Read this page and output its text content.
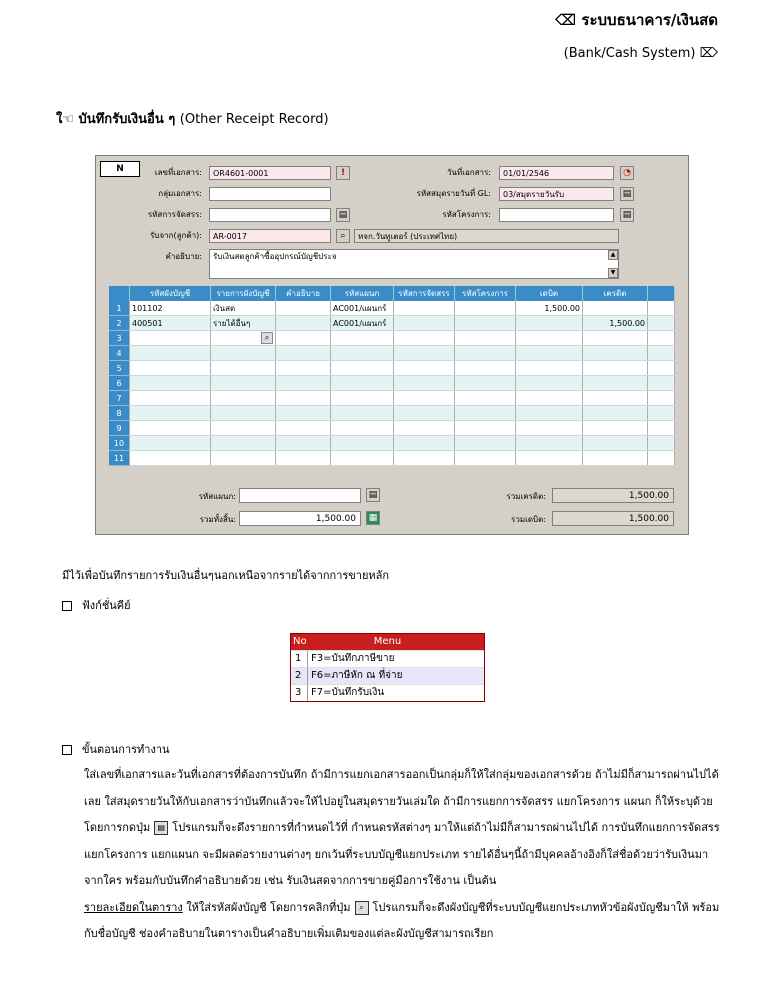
⌫ ระบบธนาคาร/เงินสด
(Bank/Cash System) ⌦
ใ☜ บันทึกรับเงินอื่น ๆ (Other Receipt Record)
N	เลขที่เอกสาร:	OR4601-0001	!
กลุ่มเอกสาร:
รหัสการจัดสรร:	▤
รับจาก(ลูกค้า):	AR-0017	⌕	หจก.วันทูเตอร์ (ประเทศไทย)
คำอธิบาย:	รับเงินสดลูกค้าซื้ออุปกรณ์บัญชีประจ	▲
▼
วันที่เอกสาร:	01/01/2546	◔
รหัสสมุดรายวันที่ GL:	03/สมุดรายวันรับ	▤
รหัสโครงการ:	▤
	รหัสผังบัญชี	รายการผังบัญชี	คำอธิบาย	รหัสแผนก	รหัสการจัดสรร	รหัสโครงการ	เดบิต	เครดิต	
1	101102	เงินสด		AC001/แผนกร์			1,500.00		
2	400501	รายได้อื่นๆ		AC001/แผนกร์				1,500.00	
3		⌕							

4									
5									
6									
7									
8									
9									
10									
11									
รหัสแผนก:	▤
รวมทั้งสิ้น:	1,500.00	▦
รวมเครดิต:	1,500.00
รวมเดบิต:	1,500.00
มีไว้เพื่อบันทึกรายการรับเงินอื่นๆนอกเหนือจากรายได้จากการขายหลัก
ฟังก์ชั่นคีย์
No	Menu
1 F3=บันทึกภาษีขาย
2 F6=ภาษีหัก ณ ที่จ่าย
3 F7=บันทึกรับเงิน
ขั้นตอนการทำงาน
ใส่เลขที่เอกสารและวันที่เอกสารที่ต้องการบันทึก ถ้ามีการแยกเอกสารออกเป็นกลุ่มก็ให้ใส่กลุ่มของเอกสารด้วย ถ้าไม่มีก็สามารถผ่านไปได้เลย ใส่สมุดรายวันให้กับเอกสารว่าบันทึกแล้วจะให้ไปอยู่ในสมุดรายวันเล่มใด ถ้ามีการแยกการจัดสรร แยกโครงการ แผนก ก็ให้ระบุด้วยโดยการกดปุ่ม ▤ โปรแกรมก็จะดึงรายการที่กำหนดไว้ที่ กำหนดรหัสต่างๆ มาให้แต่ถ้าไม่มีก็สามารถผ่านไปได้ การบันทึกแยกการจัดสรร แยกโครงการ แยกแผนก จะมีผลต่อรายงานต่างๆ ยกเว้นที่ระบบบัญชีแยกประเภท รายได้อื่นๆนี้ถ้ามีบุคคลอ้างอิงก็ใส่ชื่อด้วยว่ารับเงินมาจากใคร พร้อมกับบันทึกคำอธิบายด้วย เช่น รับเงินสดจากการขายคู่มือการใช้งาน เป็นต้น
รายละเอียดในตาราง ให้ใส่รหัสผังบัญชี โดยการคลิกที่ปุ่ม ⌕ โปรแกรมก็จะดึงผังบัญชีที่ระบบบัญชีแยกประเภทหัวข้อผังบัญชีมาให้ พร้อมกับชื่อบัญชี ช่องคำอธิบายในตารางเป็นคำอธิบายเพิ่มเติมของแต่ละผังบัญชีสามารถเรียก
